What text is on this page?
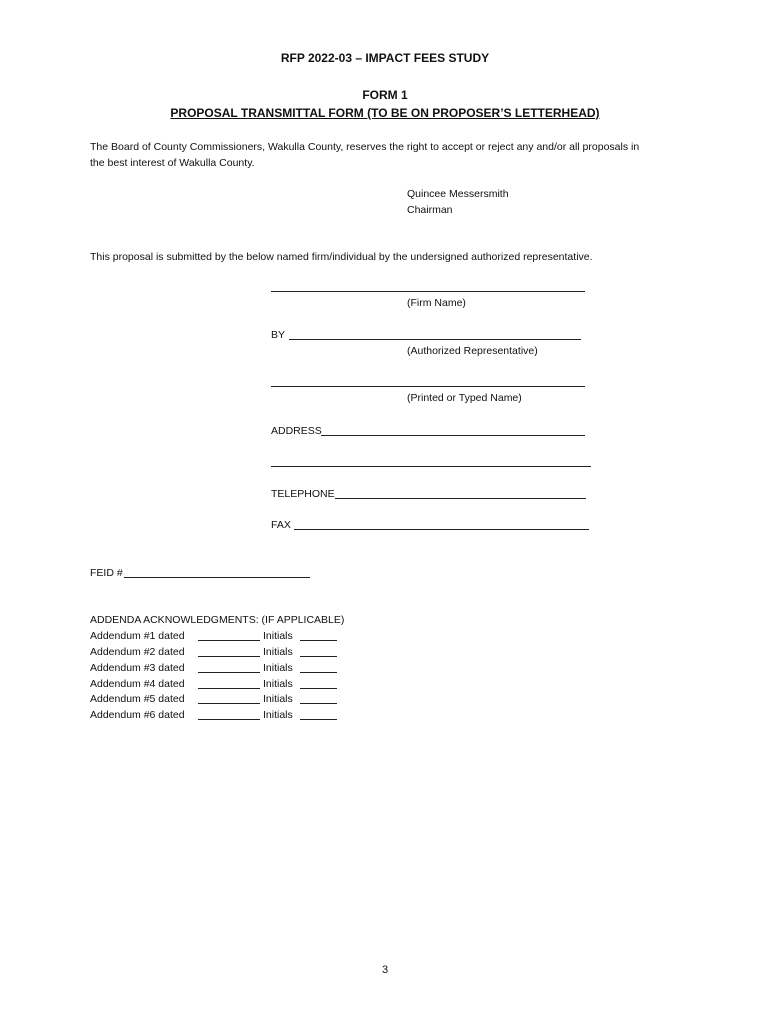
RFP 2022-03 – IMPACT FEES STUDY

FORM 1

PROPOSAL TRANSMITTAL FORM (TO BE ON PROPOSER’S LETTERHEAD)

The Board of County Commissioners, Wakulla County, reserves the right to accept or reject any and/or all proposals in the best interest of Wakulla County.

Quincee Messersmith

Chairman

This proposal is submitted by the below named firm/individual by the undersigned authorized representative.

(Firm Name)

BY

(Authorized Representative)

(Printed or Typed Name)

ADDRESS

TELEPHONE

FAX

FEID #

ADDENDA ACKNOWLEDGMENTS: (IF APPLICABLE)

Addendum #1 dated	Initials

Addendum #2 dated	Initials

Addendum #3 dated	Initials

Addendum #4 dated	Initials

Addendum #5 dated	Initials

Addendum #6 dated	Initials

3
